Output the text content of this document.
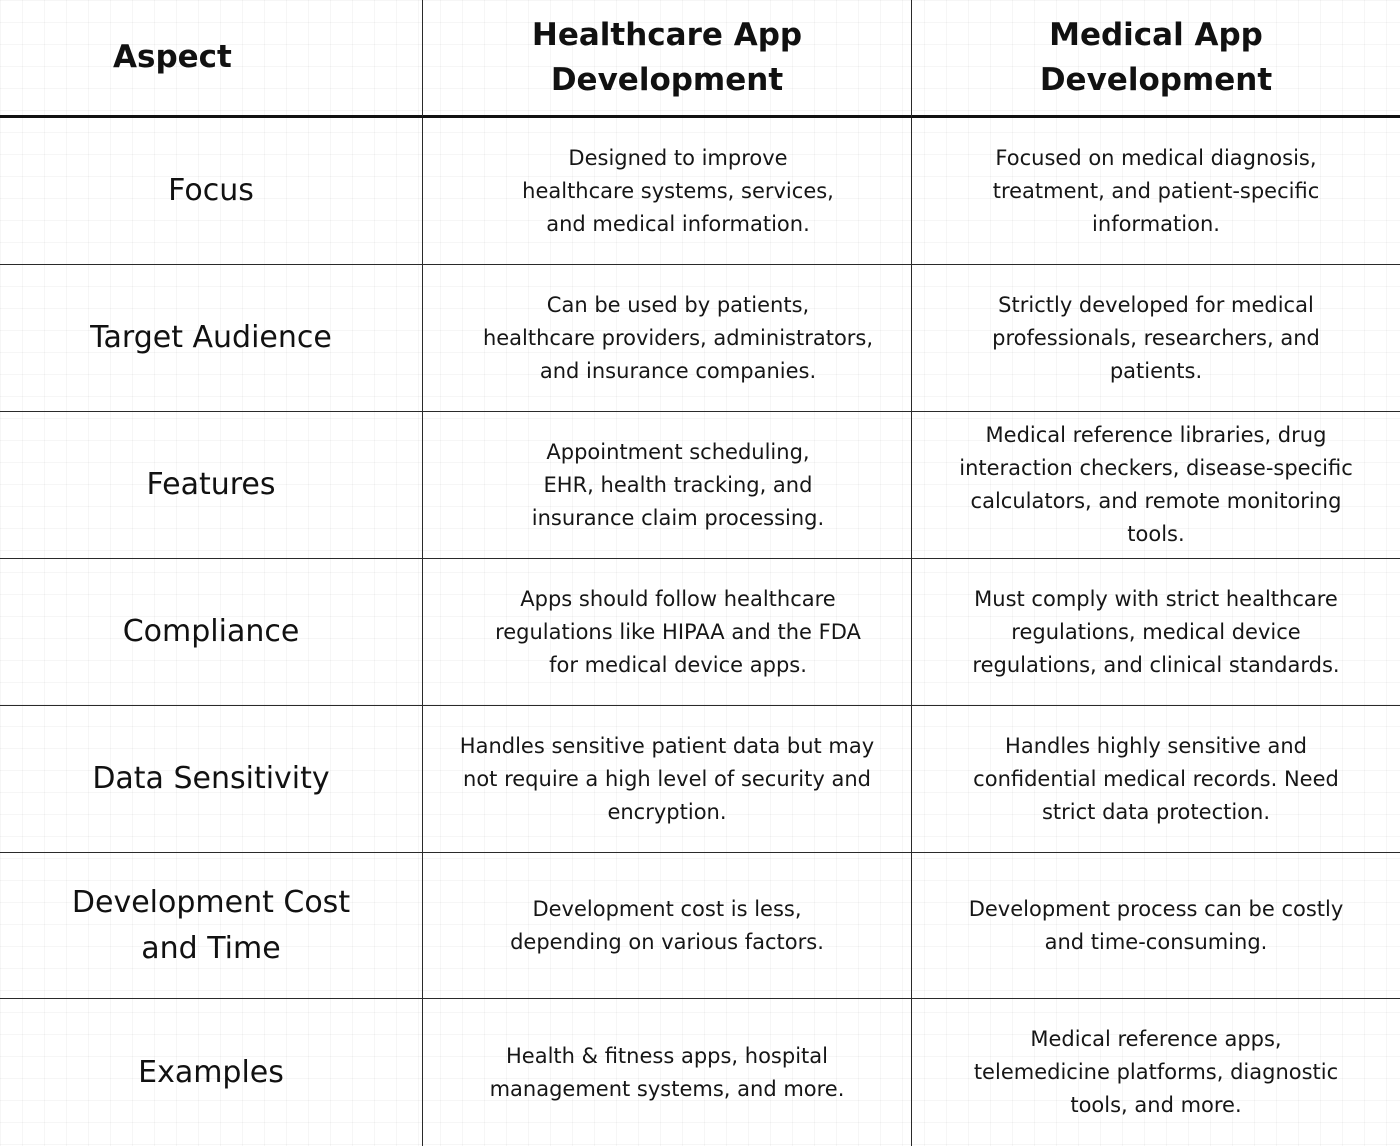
Aspect
Healthcare App
Development
Medical App
Development
Focus
Designed to improve
healthcare systems, services,
and medical information.
Focused on medical diagnosis,
treatment, and patient-specific
information.
Target Audience
Can be used by patients,
healthcare providers, administrators,
and insurance companies.
Strictly developed for medical
professionals, researchers, and
patients.
Features
Appointment scheduling,
EHR, health tracking, and
insurance claim processing.
Medical reference libraries, drug
interaction checkers, disease-specific
calculators, and remote monitoring
tools.
Compliance
Apps should follow healthcare
regulations like HIPAA and the FDA
for medical device apps.
Must comply with strict healthcare
regulations, medical device
regulations, and clinical standards.
Data Sensitivity
Handles sensitive patient data but may
not require a high level of security and
encryption.
Handles highly sensitive and
confidential medical records. Need
strict data protection.
Development Cost
and Time
Development cost is less,
depending on various factors.
Development process can be costly
and time-consuming.
Examples	Health & fitness apps, hospital
management systems, and more.
Medical reference apps,
telemedicine platforms, diagnostic
tools, and more.
